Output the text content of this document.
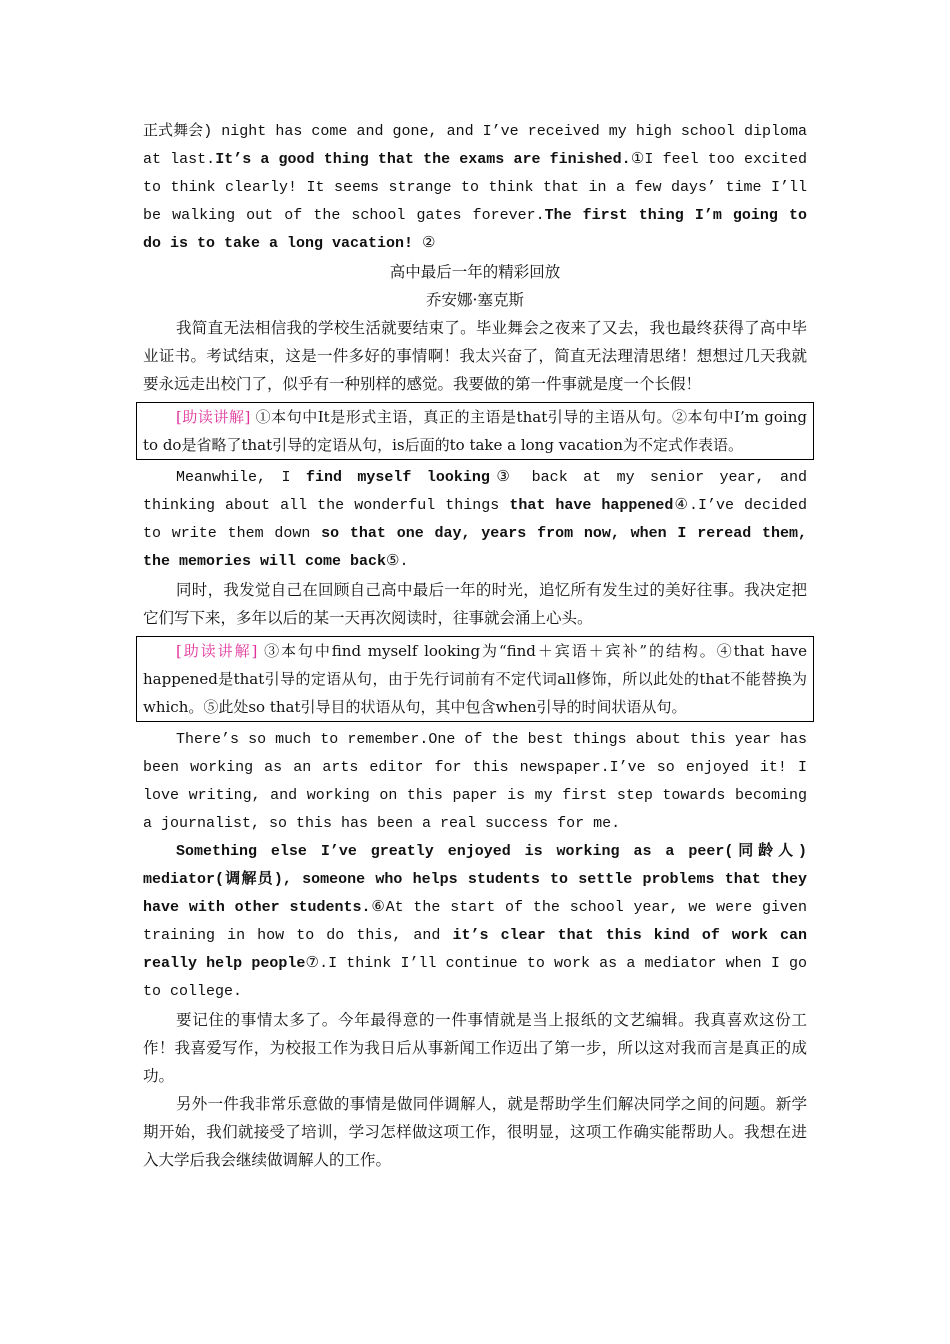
正式舞会) night has come and gone, and I’ve received my high school diploma at last.It’s a good thing that the exams are finished.①I feel too excited to think clearly! It seems strange to think that in a few days’ time I’ll be walking out of the school gates forever.The first thing I’m going to do is to take a long vacation! ②

高中最后一年的精彩回放

乔安娜·塞克斯

我简直无法相信我的学校生活就要结束了。毕业舞会之夜来了又去，我也最终获得了高中毕业证书。考试结束，这是一件多好的事情啊！我太兴奋了，简直无法理清思绪！想想过几天我就要永远走出校门了，似乎有一种别样的感觉。我要做的第一件事就是度一个长假！

[助读讲解] ①本句中It是形式主语，真正的主语是that引导的主语从句。②本句中I’m going to do是省略了that引导的定语从句，is后面的to take a long vacation为不定式作表语。

Meanwhile, I find myself looking③ back at my senior year, and thinking about all the wonderful things that have happened④.I’ve decided to write them down so that one day, years from now, when I reread them, the memories will come back⑤.

同时，我发觉自己在回顾自己高中最后一年的时光，追忆所有发生过的美好往事。我决定把它们写下来，多年以后的某一天再次阅读时，往事就会涌上心头。

[助读讲解] ③本句中find myself looking为“find＋宾语＋宾补”的结构。④that have happened是that引导的定语从句，由于先行词前有不定代词all修饰，所以此处的that不能替换为which。⑤此处so that引导目的状语从句，其中包含when引导的时间状语从句。

There’s so much to remember.One of the best things about this year has been working as an arts editor for this newspaper.I’ve so enjoyed it! I love writing, and working on this paper is my first step towards becoming a journalist, so this has been a real success for me.

Something else I’ve greatly enjoyed is working as a peer(同龄人) mediator(调解员), someone who helps students to settle problems that they have with other students.⑥At the start of the school year, we were given training in how to do this, and it’s clear that this kind of work can really help people⑦.I think I’ll continue to work as a mediator when I go to college.

要记住的事情太多了。今年最得意的一件事情就是当上报纸的文艺编辑。我真喜欢这份工作！我喜爱写作，为校报工作为我日后从事新闻工作迈出了第一步，所以这对我而言是真正的成功。

另外一件我非常乐意做的事情是做同伴调解人，就是帮助学生们解决同学之间的问题。新学期开始，我们就接受了培训，学习怎样做这项工作，很明显，这项工作确实能帮助人。我想在进入大学后我会继续做调解人的工作。
